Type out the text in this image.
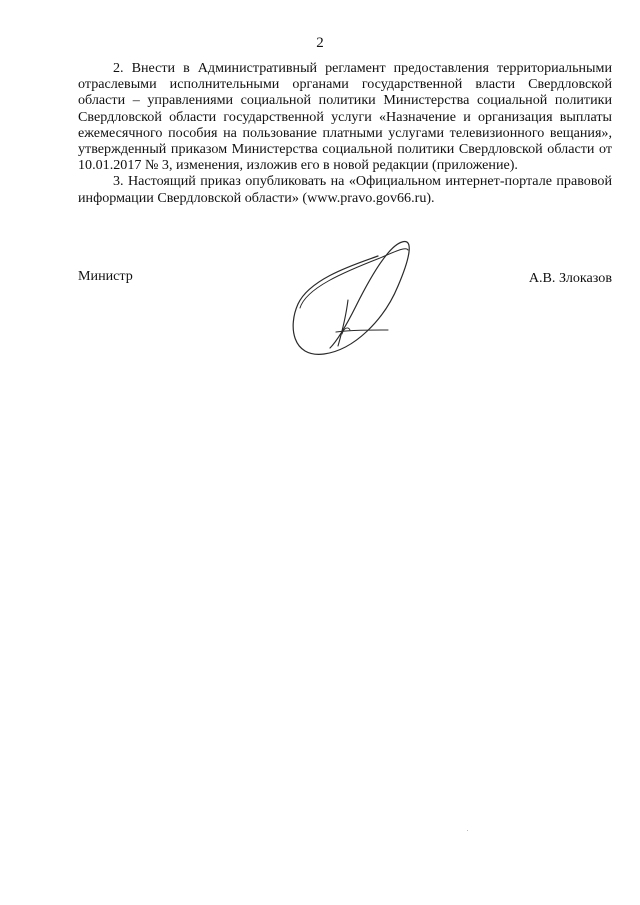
2

2. Внести в Административный регламент предоставления территориальными отраслевыми исполнительными органами государственной власти Свердловской области – управлениями социальной политики Министерства социальной политики Свердловской области государственной услуги «Назначение и организация выплаты ежемесячного пособия на пользование платными услугами телевизионного вещания», утвержденный приказом Министерства социальной политики Свердловской области от 10.01.2017 № 3, изменения, изложив его в новой редакции (приложение).

3. Настоящий приказ опубликовать на «Официальном интернет-портале правовой информации Свердловской области» (www.pravo.gov66.ru).

Министр	А.В. Злоказов
